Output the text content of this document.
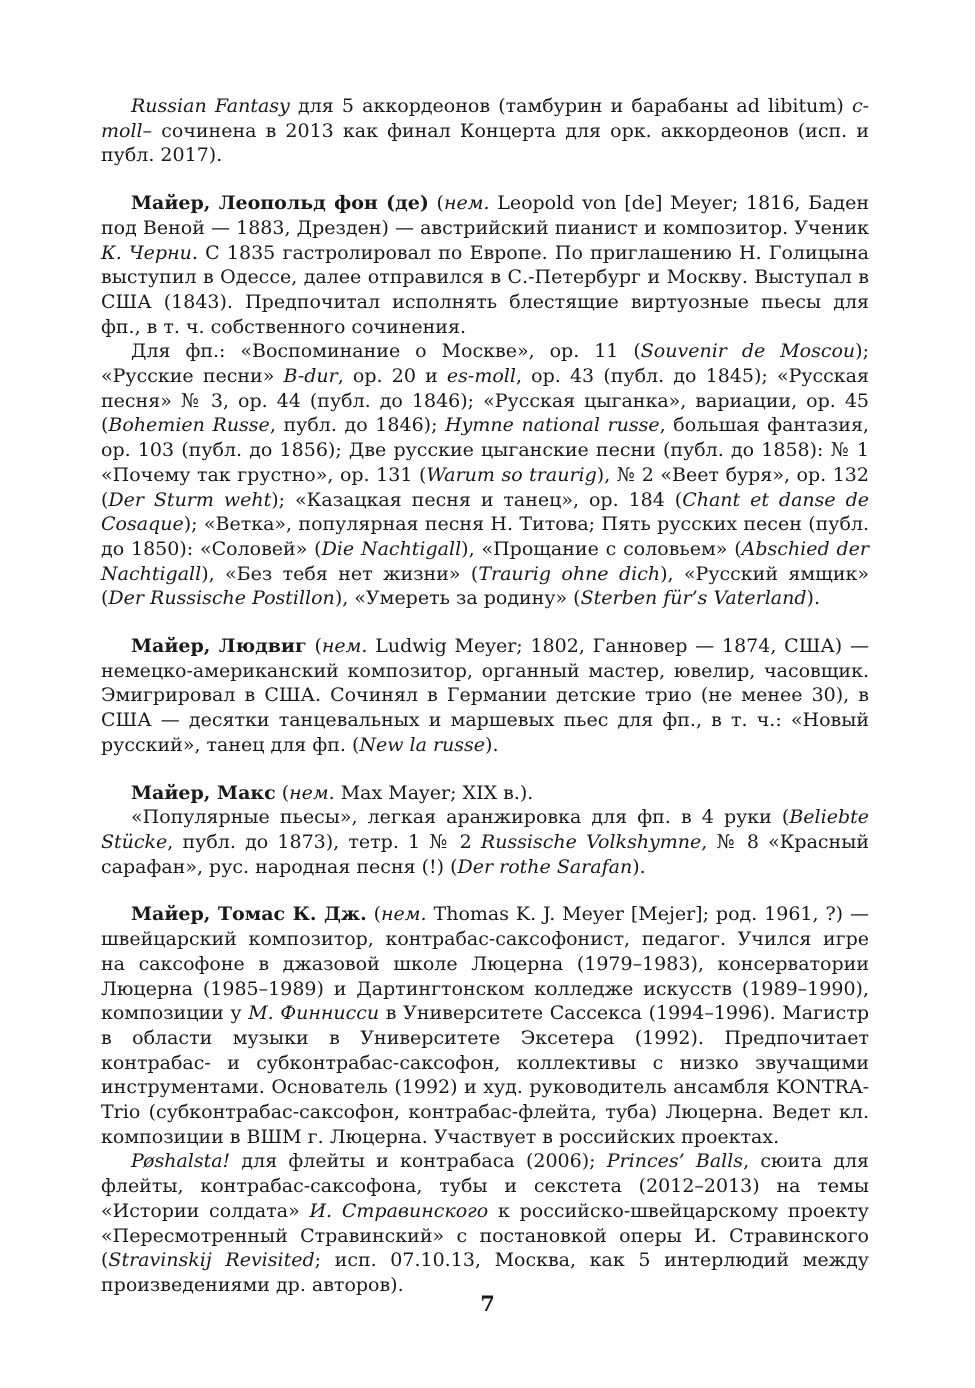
Russian Fantasy для 5 аккордеонов (тамбурин и барабаны ad libitum) c-moll– сочинена в 2013 как финал Концерта для орк. аккордеонов (исп. и публ. 2017).

Майер, Леопольд фон (де) (нем. Leopold von [de] Meyer; 1816, Баден под Веной — 1883, Дрезден) — австрийский пианист и композитор. Ученик К. Черни. С 1835 гастролировал по Европе. По приглашению Н. Голицына выступил в Одессе, далее отправился в С.-Петербург и Москву. Выступал в США (1843). Предпочитал исполнять блестящие виртуозные пьесы для фп., в т. ч. собственного сочинения.

Для фп.: «Воспоминание о Москве», ор. 11 (Souvenir de Moscou); «Русские песни» B-dur, ор. 20 и es-moll, ор. 43 (публ. до 1845); «Русская песня» № 3, ор. 44 (публ. до 1846); «Русская цыганка», вариации, ор. 45 (Bohemien Russe, публ. до 1846); Hymne national russe, большая фантазия, ор. 103 (публ. до 1856); Две русские цыганские песни (публ. до 1858): № 1 «Почему так грустно», ор. 131 (Warum so traurig), № 2 «Веет буря», ор. 132 (Der Sturm weht); «Казацкая песня и танец», ор. 184 (Chant et danse de Cosaque); «Ветка», популярная песня Н. Титова; Пять русских песен (публ. до 1850): «Соловей» (Die Nachtigall), «Прощание с соловьем» (Abschied der Nachtigall), «Без тебя нет жизни» (Traurig ohne dich), «Русский ямщик» (Der Russische Postillon), «Умереть за родину» (Sterben für’s Vaterland).

Майер, Людвиг (нем. Ludwig Meyer; 1802, Ганновер — 1874, США) — немецко-американский композитор, органный мастер, ювелир, часовщик. Эмигрировал в США. Сочинял в Германии детские трио (не менее 30), в США — десятки танцевальных и маршевых пьес для фп., в т. ч.: «Новый русский», танец для фп. (New la russe).

Майер, Макс (нем. Max Mayer; XIX в.).

«Популярные пьесы», легкая аранжировка для фп. в 4 руки (Beliebte Stücke, публ. до 1873), тетр. 1 № 2 Russische Volkshymne, № 8 «Красный сарафан», рус. народная песня (!) (Der rothe Sarafan).

Майер, Томас К. Дж. (нем. Thomas K. J. Meyer [Mejer]; род. 1961, ?) — швейцарский композитор, контрабас-саксофонист, педагог. Учился игре на саксофоне в джазовой школе Люцерна (1979–1983), консерватории Люцерна (1985–1989) и Дартингтонском колледже искусств (1989–1990), композиции у М. Финнисси в Университете Сассекса (1994–1996). Магистр в области музыки в Университете Эксетера (1992). Предпочитает контрабас- и субконтрабас-саксофон, коллективы с низко звучащими инструментами. Основатель (1992) и худ. руководитель ансамбля KONTRA-Trio (субконтрабас-саксофон, контрабас-флейта, туба) Люцерна. Ведет кл. композиции в ВШМ г. Люцерна. Участвует в российских проектах.

Pøshalsta! для флейты и контрабаса (2006); Princes’ Balls, сюита для флейты, контрабас-саксофона, тубы и секстета (2012–2013) на темы «Истории солдата» И. Стравинского к российско-швейцарскому проекту «Пересмотренный Стравинский» с постановкой оперы И. Стравинского (Stravinskij Revisited; исп. 07.10.13, Москва, как 5 интерлюдий между произведениями др. авторов).

7
